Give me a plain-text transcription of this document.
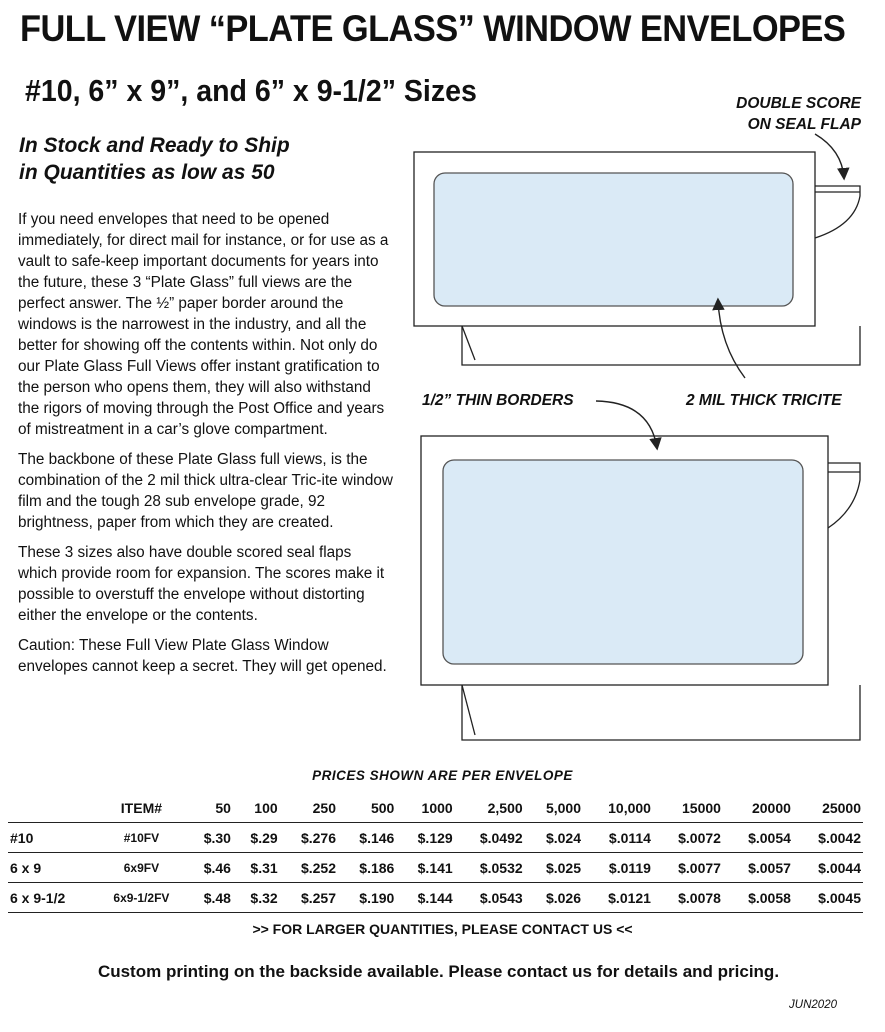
FULL VIEW “PLATE GLASS” WINDOW ENVELOPES
#10, 6” x 9”, and 6” x 9-1/2” Sizes
In Stock and Ready to Ship
in Quantities as low as 50

If you need envelopes that need to be opened immediately, for direct mail for instance, or for use as a vault to safe-keep important documents for years into the future, these 3 “Plate Glass” full views are the perfect answer. The ½” paper border around the windows is the narrowest in the industry, and all the better for showing off the contents within. Not only do our Plate Glass Full Views offer instant gratification to the person who opens them, they will also withstand the rigors of moving through the Post Office and years of mistreatment in a car’s glove compartment.

The backbone of these Plate Glass full views, is the combination of the 2 mil thick ultra-clear Tric-ite window film and the tough 28 sub envelope grade, 92 brightness, paper from which they are created.

These 3 sizes also have double scored seal flaps which provide room for expansion. The scores make it possible to overstuff the envelope without distorting either the envelope or the contents.

Caution: These Full View Plate Glass Window envelopes cannot keep a secret. They will get opened.

DOUBLE SCORE
ON SEAL FLAP
1/2” THIN BORDERS	2 MIL THICK TRICITE
PRICES SHOWN ARE PER ENVELOPE
	ITEM#	50	100	250	500	1000	2,500	5,000	10,000	15000	20000	25000
#10	#10FV	$.30	$.29	$.276	$.146	$.129	$.0492	$.024	$.0114	$.0072	$.0054	$.0042
6 x 9	6x9FV	$.46	$.31	$.252	$.186	$.141	$.0532	$.025	$.0119	$.0077	$.0057	$.0044
6 x 9-1/2	6x9-1/2FV	$.48	$.32	$.257	$.190	$.144	$.0543	$.026	$.0121	$.0078	$.0058	$.0045
>> FOR LARGER QUANTITIES, PLEASE CONTACT US <<
Custom printing on the backside available. Please contact us for details and pricing.
JUN2020
